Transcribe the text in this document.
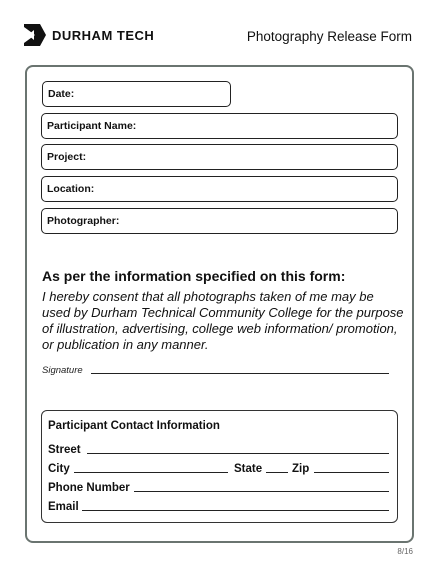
DURHAM TECH	Photography Release Form
Date:
Participant Name:
Project:
Location:
Photographer:
As per the information specified on this form:
I hereby consent that all photographs taken of me may be used by Durham Technical Community College for the purpose of illustration, advertising, college web information/ promotion, or publication in any manner.
Signature
Participant Contact Information
Street
City	State	Zip
Phone Number
Email
8/16
